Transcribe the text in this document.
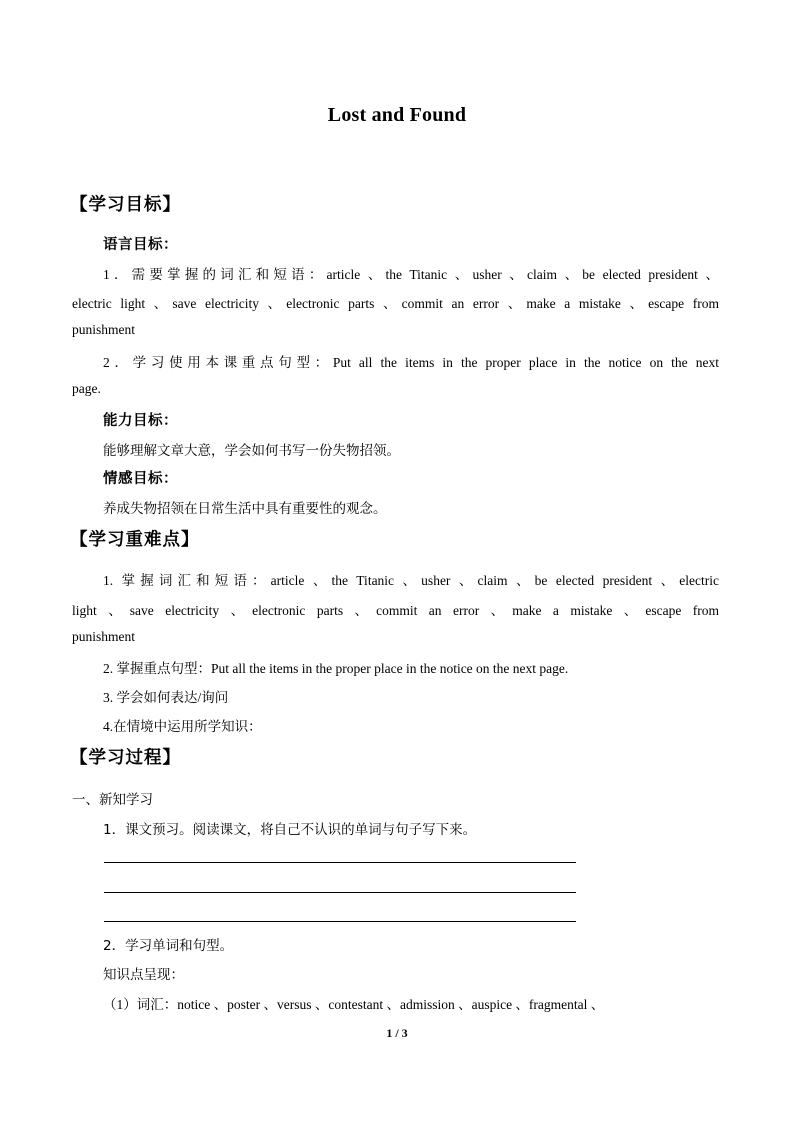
Lost and Found
【学习目标】
语言目标：
1．需要掌握的词汇和短语：article 、the Titanic 、usher 、claim 、be elected president 、
electric light 、save electricity 、electronic parts 、commit an error 、make a mistake 、escape from
punishment
2．学习使用本课重点句型：Put all the items in the proper place in the notice on the next
page.
能力目标：
能够理解文章大意，学会如何书写一份失物招领。
情感目标：
养成失物招领在日常生活中具有重要性的观念。
【学习重难点】
1. 掌握词汇和短语：article 、the Titanic 、usher 、claim 、be elected president 、electric
light 、save electricity 、electronic parts 、commit an error 、make a mistake 、escape from
punishment
2. 掌握重点句型：Put all the items in the proper place in the notice on the next page.
3. 学会如何表达/询问
4.在情境中运用所学知识：
【学习过程】
一、新知学习
1．课文预习。阅读课文，将自己不认识的单词与句子写下来。
2．学习单词和句型。
知识点呈现：
（1）词汇：notice 、poster 、versus 、contestant 、admission 、auspice 、fragmental 、
1 / 3
